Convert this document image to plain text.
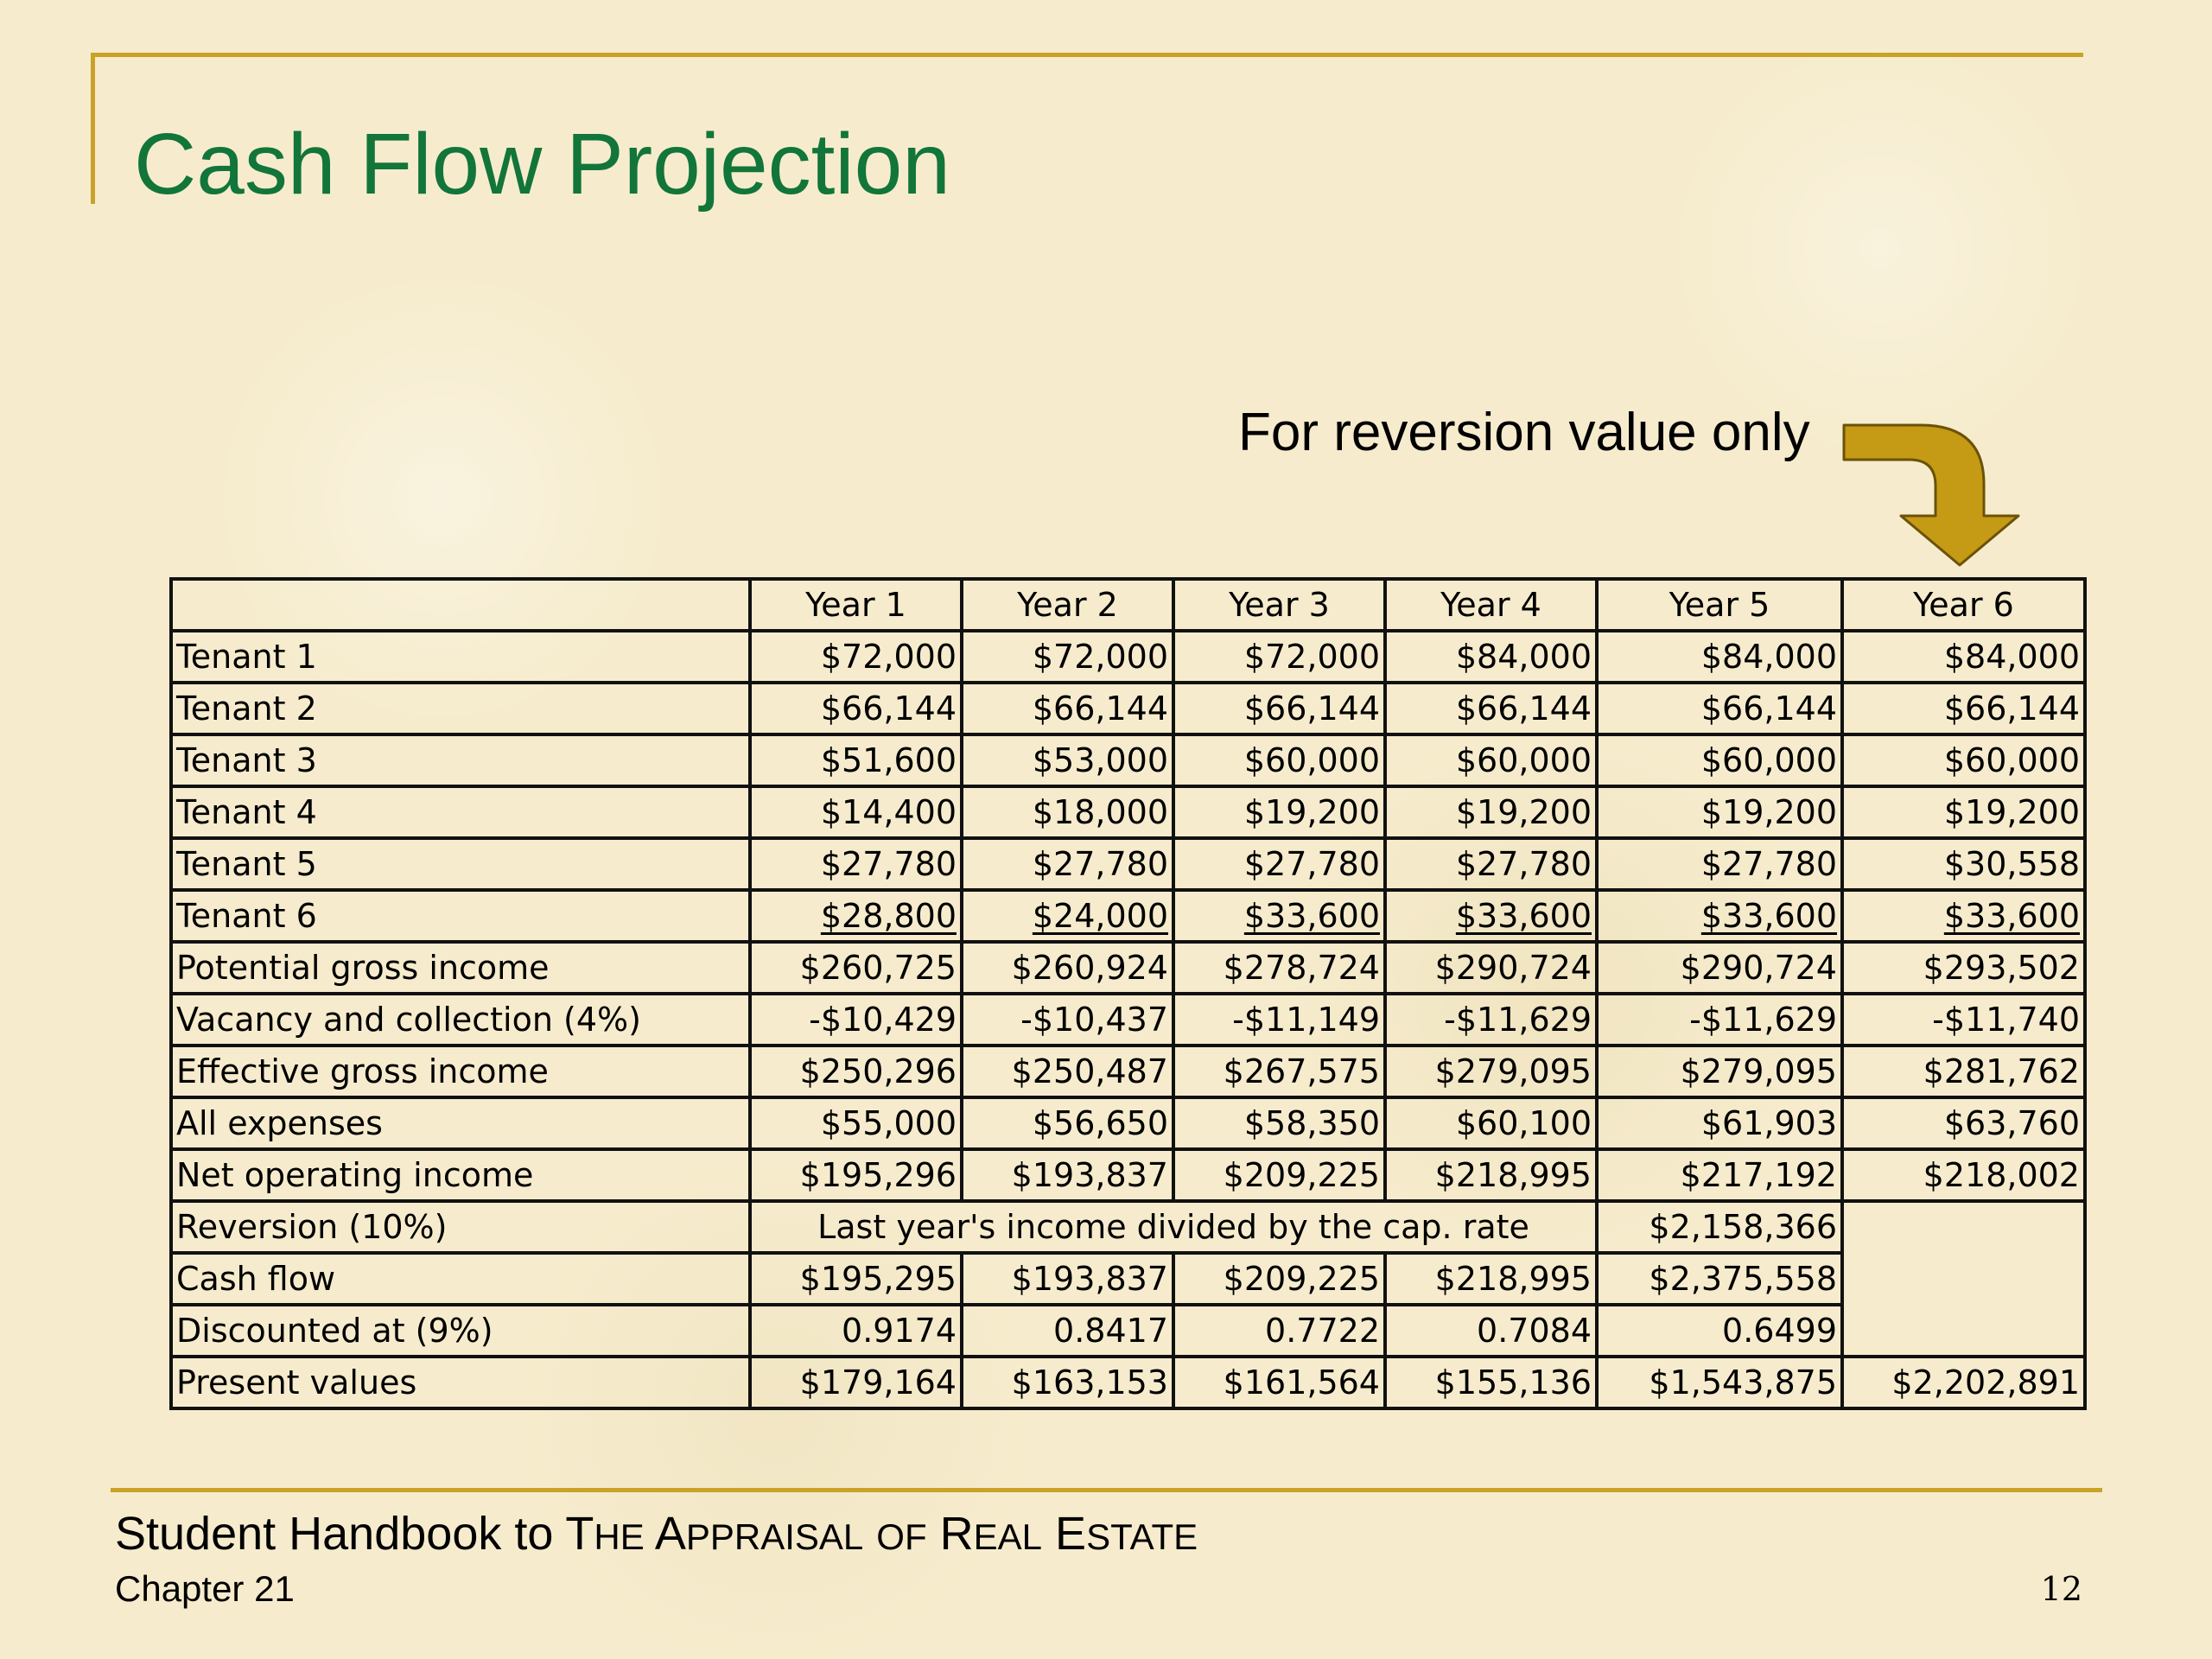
Cash Flow Projection
For reversion value only
	Year 1	Year 2	Year 3	Year 4	Year 5	Year 6
Tenant 1	$72,000	$72,000	$72,000	$84,000	$84,000	$84,000
Tenant 2	$66,144	$66,144	$66,144	$66,144	$66,144	$66,144
Tenant 3	$51,600	$53,000	$60,000	$60,000	$60,000	$60,000
Tenant 4	$14,400	$18,000	$19,200	$19,200	$19,200	$19,200
Tenant 5	$27,780	$27,780	$27,780	$27,780	$27,780	$30,558
Tenant 6	$28,800	$24,000	$33,600	$33,600	$33,600	$33,600
Potential gross income	$260,725	$260,924	$278,724	$290,724	$290,724	$293,502
Vacancy and collection (4%)	-$10,429	-$10,437	-$11,149	-$11,629	-$11,629	-$11,740
Effective gross income	$250,296	$250,487	$267,575	$279,095	$279,095	$281,762
All expenses	$55,000	$56,650	$58,350	$60,100	$61,903	$63,760
Net operating income	$195,296	$193,837	$209,225	$218,995	$217,192	$218,002
Reversion (10%)	Last year's income divided by the cap. rate				$2,158,366	
Cash flow	$195,295	$193,837	$209,225	$218,995	$2,375,558	
Discounted at (9%)	0.9174	0.8417	0.7722	0.7084	0.6499	
Present values	$179,164	$163,153	$161,564	$155,136	$1,543,875	$2,202,891
Student Handbook to THE APPRAISAL OF REAL ESTATE
Chapter 21	12
